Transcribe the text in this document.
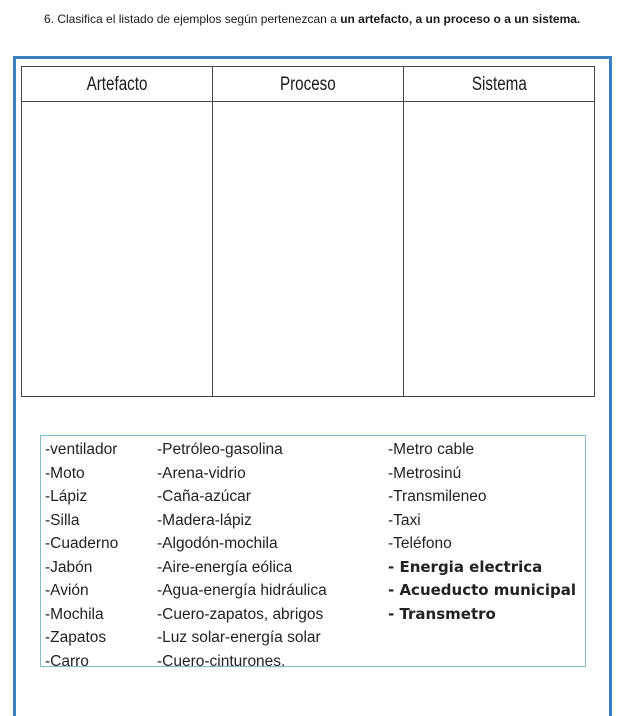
6. Clasifica el listado de ejemplos según pertenezcan a un artefacto, a un proceso o a un sistema.
Artefacto	Proceso	Sistema
-ventilador
-Moto
-Lápiz
-Silla
-Cuaderno
-Jabón
-Avión
-Mochila
-Zapatos
-Carro
-Petróleo-gasolina
-Arena-vidrio
-Caña-azúcar
-Madera-lápiz
-Algodón-mochila
-Aire-energía eólica
-Agua-energía hidráulica
-Cuero-zapatos, abrigos
-Luz solar-energía solar
-Cuero-cinturones.
-Metro cable
-Metrosinú
-Transmileneo
-Taxi
-Teléfono
- Energia electrica
- Acueducto municipal
- Transmetro
